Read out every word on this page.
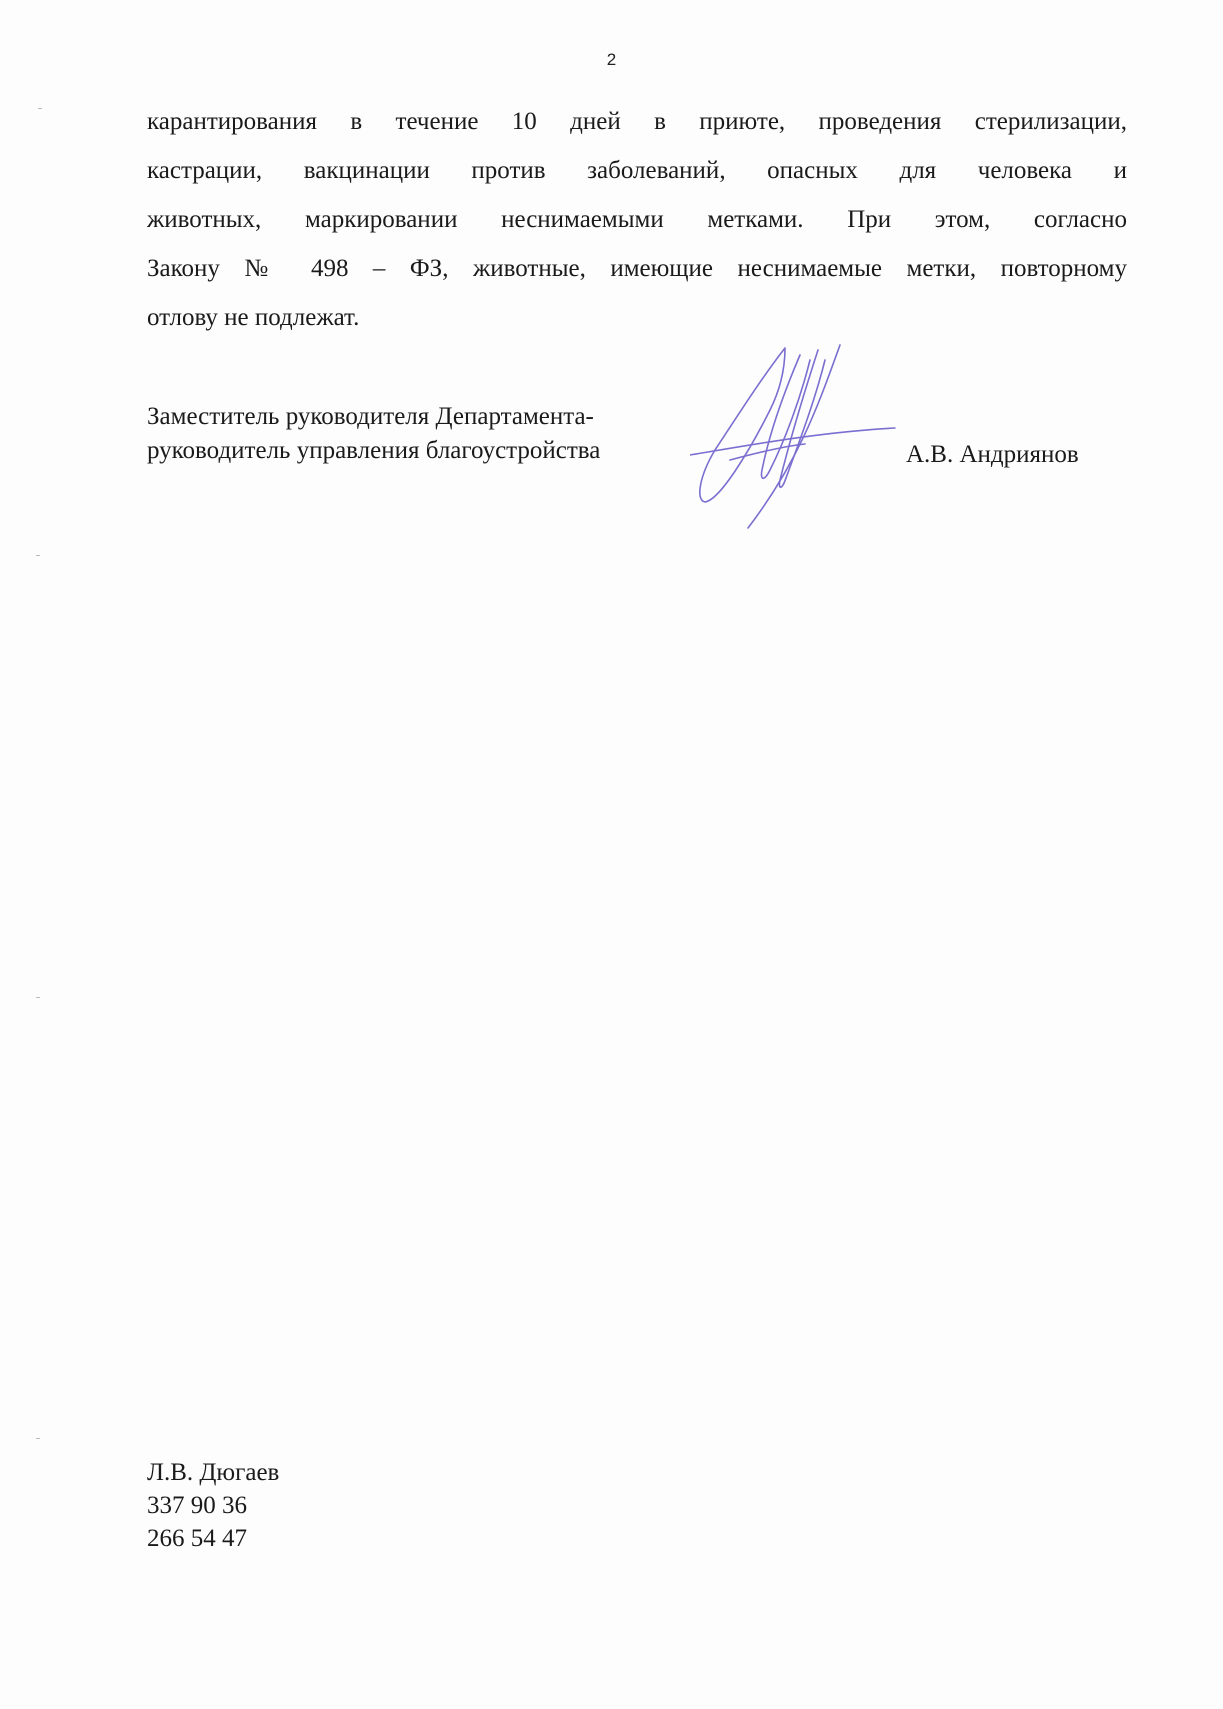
2
карантирования в течение 10 дней в приюте, проведения стерилизации,
кастрации, вакцинации против заболеваний, опасных для человека и
животных, маркировании неснимаемыми метками. При этом, согласно
Закону № 498 – ФЗ, животные, имеющие неснимаемые метки, повторному
отлову не подлежат.
Заместитель руководителя Департамента-
руководитель управления благоустройства	А.В. Андриянов
Л.В. Дюгаев
337 90 36
266 54 47
